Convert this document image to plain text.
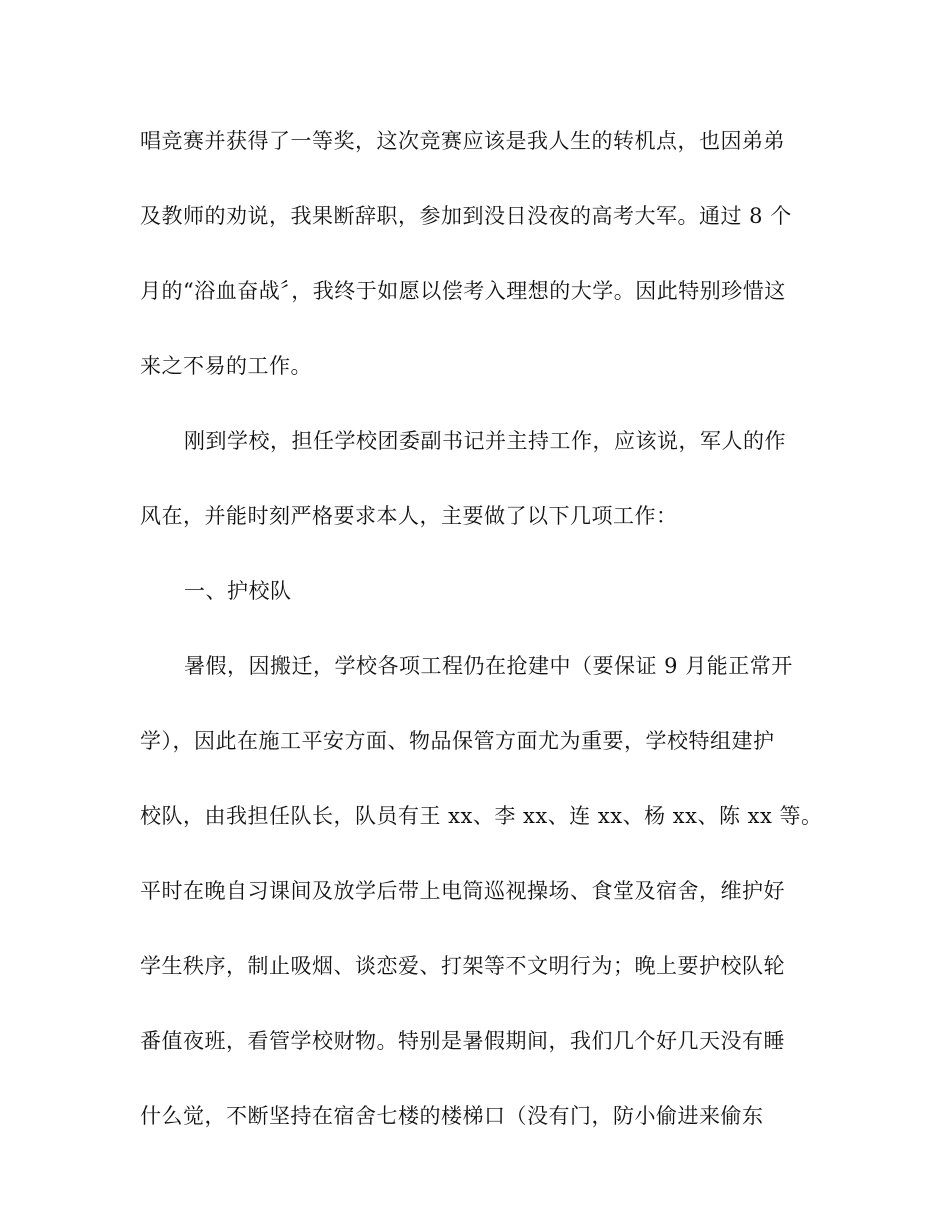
唱竞赛并获得了一等奖，这次竞赛应该是我人生的转机点，也因弟弟
及教师的劝说，我果断辞职，参加到没日没夜的高考大军。通过 8 个
月的“浴血奋战〞，我终于如愿以偿考入理想的大学。因此特别珍惜这
来之不易的工作。
刚到学校，担任学校团委副书记并主持工作，应该说，军人的作
风在，并能时刻严格要求本人，主要做了以下几项工作：
一、护校队
暑假，因搬迁，学校各项工程仍在抢建中（要保证 9 月能正常开
学），因此在施工平安方面、物品保管方面尤为重要，学校特组建护
校队，由我担任队长，队员有王 xx、李 xx、连 xx、杨 xx、陈 xx 等。
平时在晚自习课间及放学后带上电筒巡视操场、食堂及宿舍，维护好
学生秩序，制止吸烟、谈恋爱、打架等不文明行为；晚上要护校队轮
番值夜班，看管学校财物。特别是暑假期间，我们几个好几天没有睡
什么觉，不断坚持在宿舍七楼的楼梯口（没有门，防小偷进来偷东
